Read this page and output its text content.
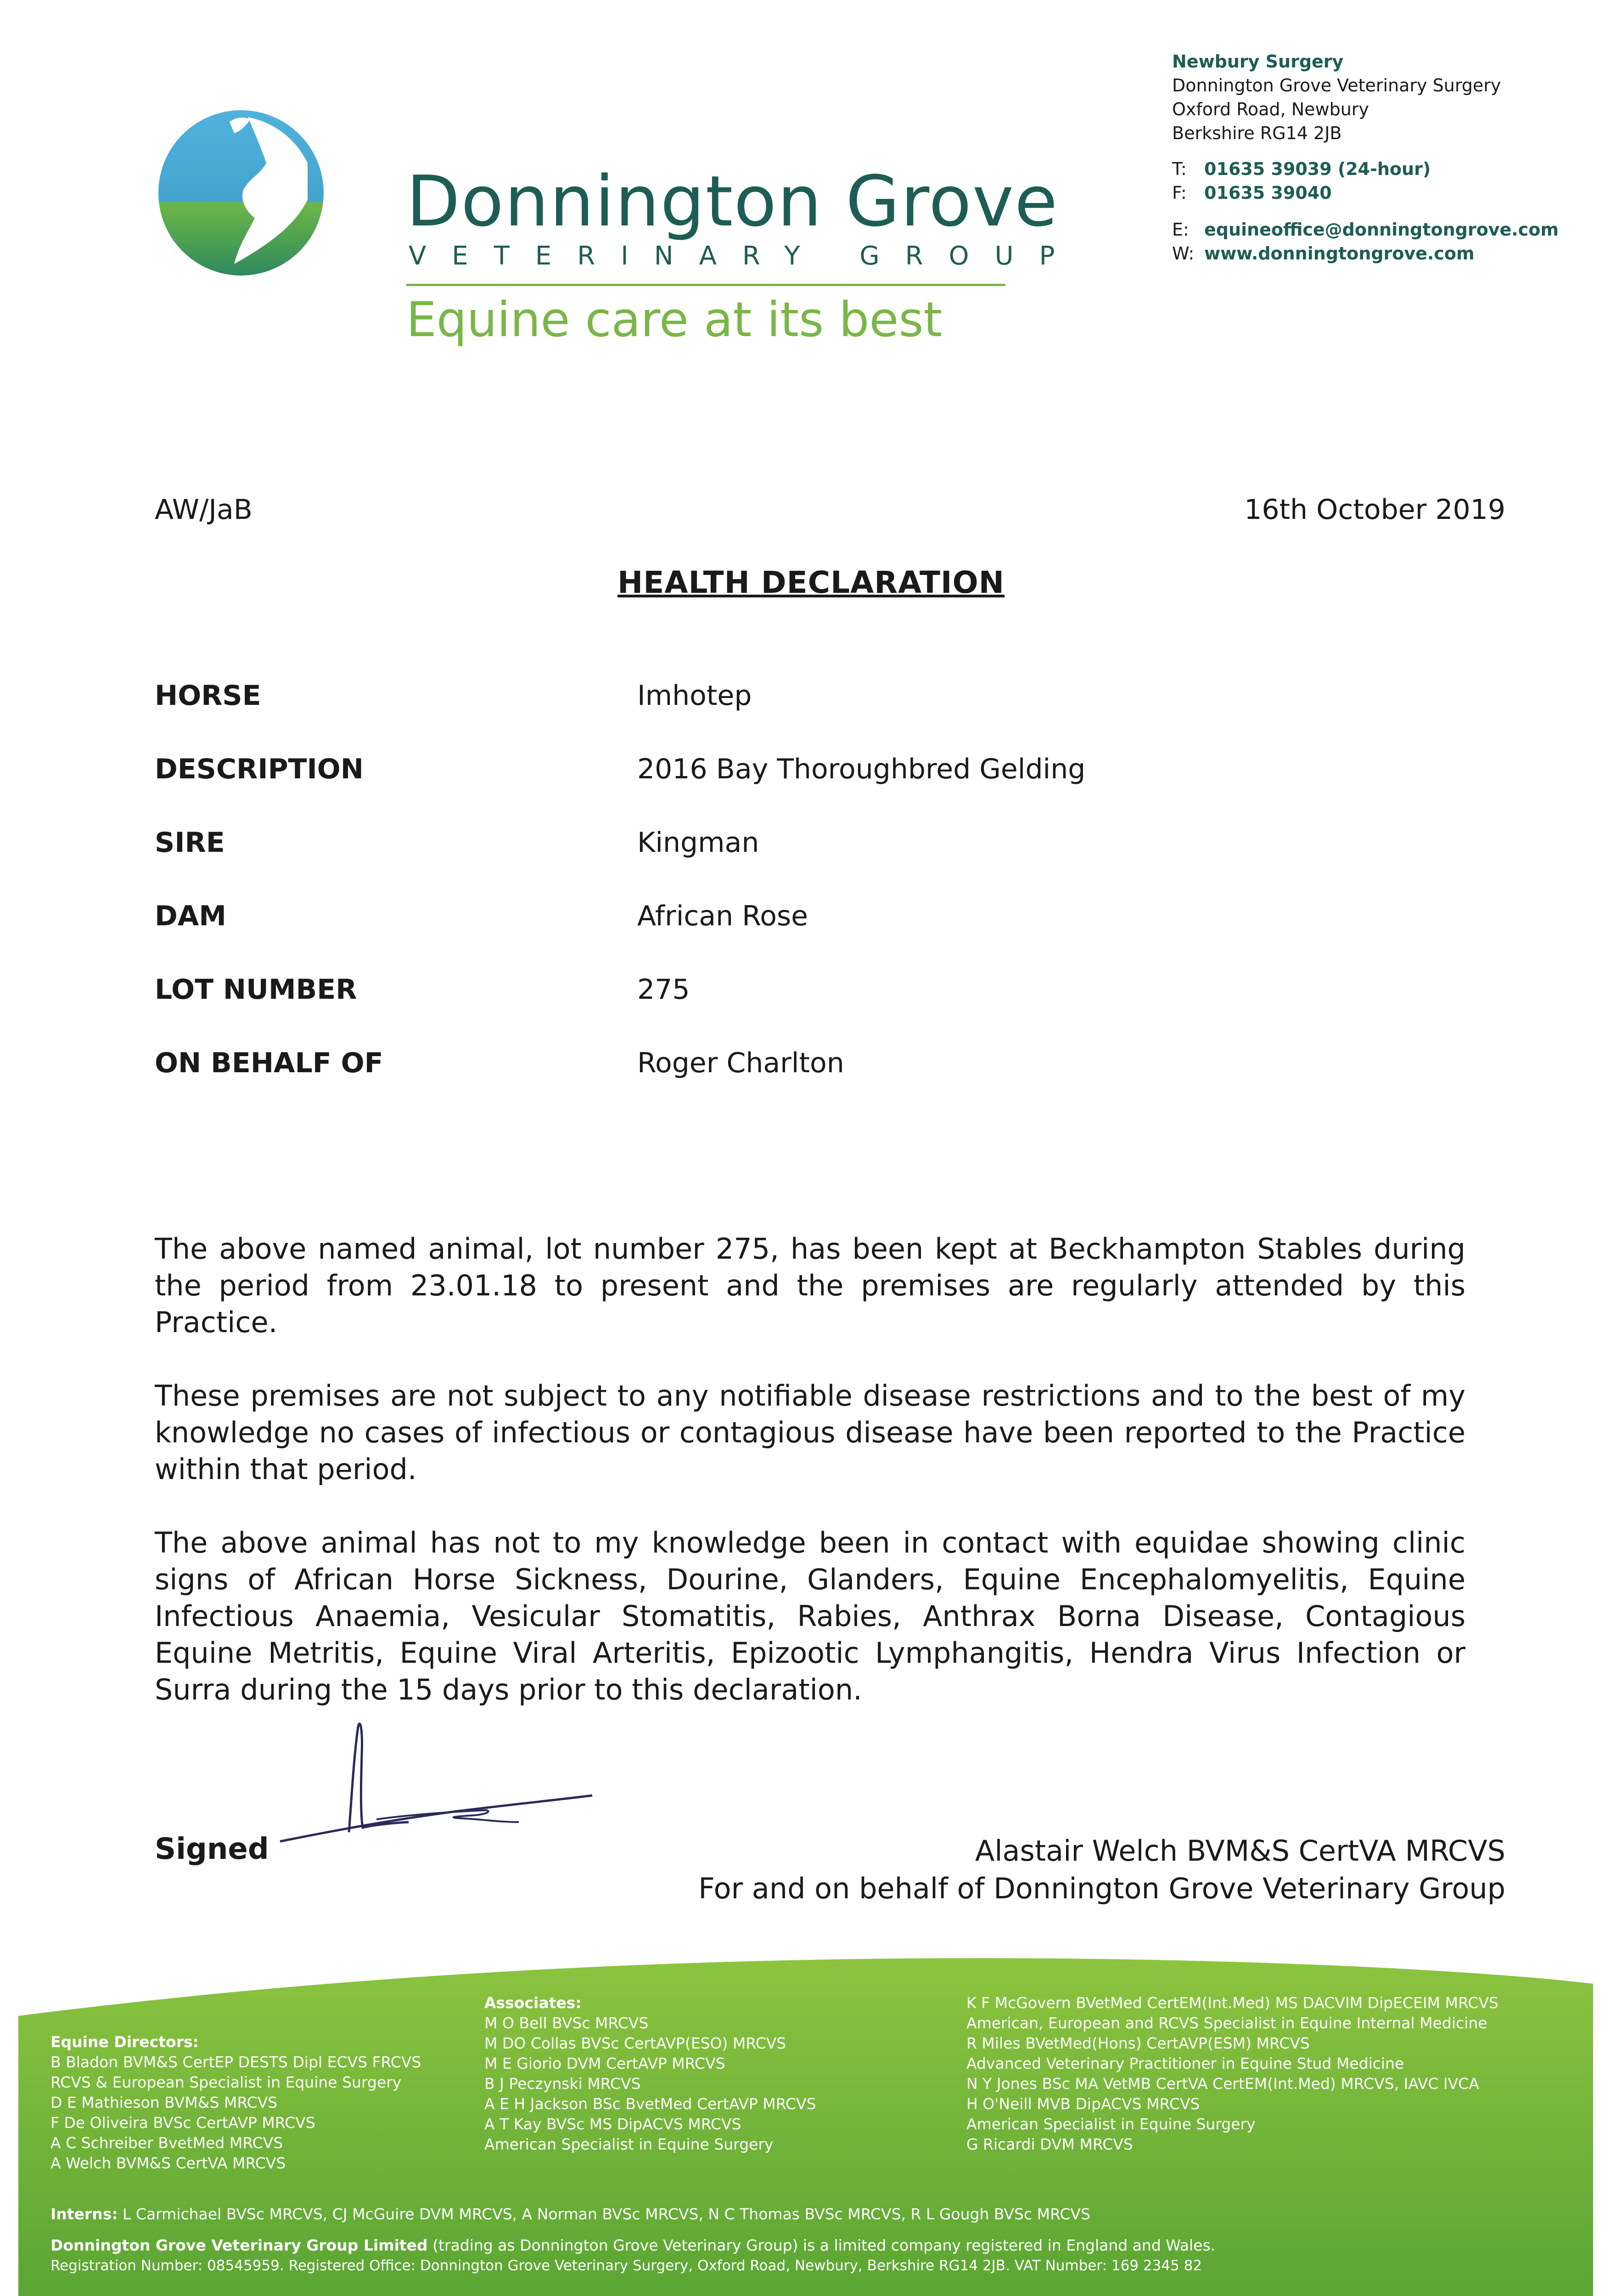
Donnington Grove
VETERINARY GROUP
Equine care at its best
Newbury Surgery
Donnington Grove Veterinary Surgery
Oxford Road, Newbury
Berkshire RG14 2JB
T: 01635 39039 (24-hour)
F: 01635 39040
E: equineoffice@donningtongrove.com
W: www.donningtongrove.com
AW/JaB	16th October 2019
HEALTH DECLARATION
HORSE	Imhotep
DESCRIPTION	2016 Bay Thoroughbred Gelding
SIRE	Kingman
DAM	African Rose
LOT NUMBER	275
ON BEHALF OF	Roger Charlton
The above named animal, lot number 275, has been kept at Beckhampton Stables during the period from 23.01.18 to present and the premises are regularly attended by this Practice.
These premises are not subject to any notifiable disease restrictions and to the best of my knowledge no cases of infectious or contagious disease have been reported to the Practice within that period.
The above animal has not to my knowledge been in contact with equidae showing clinic signs of African Horse Sickness, Dourine, Glanders, Equine Encephalomyelitis, Equine Infectious Anaemia, Vesicular Stomatitis, Rabies, Anthrax Borna Disease, Contagious Equine Metritis, Equine Viral Arteritis, Epizootic Lymphangitis, Hendra Virus Infection or Surra during the 15 days prior to this declaration.
Signed	Alastair Welch BVM&S CertVA MRCVS
For and on behalf of Donnington Grove Veterinary Group
Equine Directors:
B Bladon BVM&S CertEP DESTS Dipl ECVS FRCVS
RCVS & European Specialist in Equine Surgery
D E Mathieson BVM&S MRCVS
F De Oliveira BVSc CertAVP MRCVS
A C Schreiber BvetMed MRCVS
A Welch BVM&S CertVA MRCVS
Associates:
M O Bell BVSc MRCVS
M DO Collas BVSc CertAVP(ESO) MRCVS
M E Giorio DVM CertAVP MRCVS
B J Peczynski MRCVS
A E H Jackson BSc BvetMed CertAVP MRCVS
A T Kay BVSc MS DipACVS MRCVS
American Specialist in Equine Surgery
K F McGovern BVetMed CertEM(Int.Med) MS DACVIM DipECEIM MRCVS
American, European and RCVS Specialist in Equine Internal Medicine
R Miles BVetMed(Hons) CertAVP(ESM) MRCVS
Advanced Veterinary Practitioner in Equine Stud Medicine
N Y Jones BSc MA VetMB CertVA CertEM(Int.Med) MRCVS, IAVC IVCA
H O'Neill MVB DipACVS MRCVS
American Specialist in Equine Surgery
G Ricardi DVM MRCVS
Interns: L Carmichael BVSc MRCVS, CJ McGuire DVM MRCVS, A Norman BVSc MRCVS, N C Thomas BVSc MRCVS, R L Gough BVSc MRCVS
Donnington Grove Veterinary Group Limited (trading as Donnington Grove Veterinary Group) is a limited company registered in England and Wales.
Registration Number: 08545959. Registered Office: Donnington Grove Veterinary Surgery, Oxford Road, Newbury, Berkshire RG14 2JB. VAT Number: 169 2345 82
